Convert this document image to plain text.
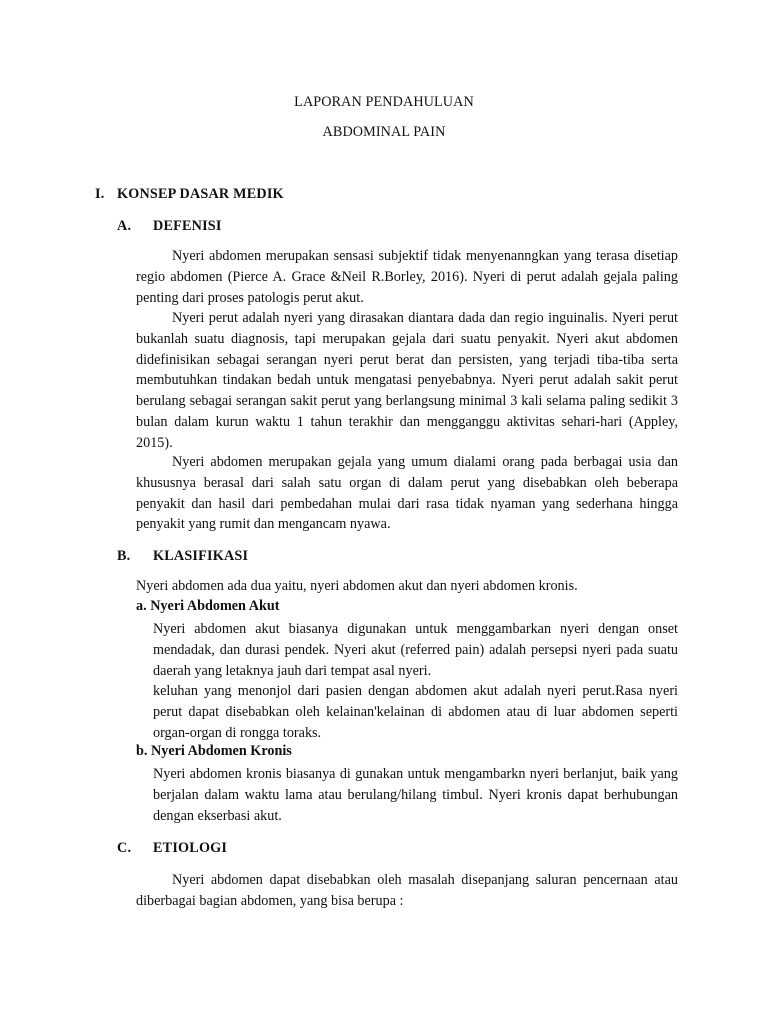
LAPORAN PENDAHULUAN
ABDOMINAL PAIN
I. KONSEP DASAR MEDIK
A. DEFENISI

Nyeri abdomen merupakan sensasi subjektif tidak menyenanngkan yang terasa disetiap regio abdomen (Pierce A. Grace &Neil R.Borley, 2016). Nyeri di perut adalah gejala paling penting dari proses patologis perut akut.

Nyeri perut adalah nyeri yang dirasakan diantara dada dan regio inguinalis. Nyeri perut bukanlah suatu diagnosis, tapi merupakan gejala dari suatu penyakit. Nyeri akut abdomen didefinisikan sebagai serangan nyeri perut berat dan persisten, yang terjadi tiba-tiba serta membutuhkan tindakan bedah untuk mengatasi penyebabnya. Nyeri perut adalah sakit perut berulang sebagai serangan sakit perut yang berlangsung minimal 3 kali selama paling sedikit 3 bulan dalam kurun waktu 1 tahun terakhir dan mengganggu aktivitas sehari-hari (Appley, 2015).

Nyeri abdomen merupakan gejala yang umum dialami orang pada berbagai usia dan khususnya berasal dari salah satu organ di dalam perut yang disebabkan oleh beberapa penyakit dan hasil dari pembedahan mulai dari rasa tidak nyaman yang sederhana hingga penyakit yang rumit dan mengancam nyawa.

B. KLASIFIKASI

Nyeri abdomen ada dua yaitu, nyeri abdomen akut dan nyeri abdomen kronis.

a. Nyeri Abdomen Akut

Nyeri abdomen akut biasanya digunakan untuk menggambarkan nyeri dengan onset mendadak, dan durasi pendek. Nyeri akut (referred pain) adalah persepsi nyeri pada suatu daerah yang letaknya jauh dari tempat asal nyeri.

keluhan yang menonjol dari pasien dengan abdomen akut adalah nyeri perut.Rasa nyeri perut dapat disebabkan oleh kelainan'kelainan di abdomen atau di luar abdomen seperti organ-organ di rongga toraks.

b. Nyeri Abdomen Kronis

Nyeri abdomen kronis biasanya di gunakan untuk mengambarkn nyeri berlanjut, baik yang berjalan dalam waktu lama atau berulang/hilang timbul. Nyeri kronis dapat berhubungan dengan ekserbasi akut.

C. ETIOLOGI

Nyeri abdomen dapat disebabkan oleh masalah disepanjang saluran pencernaan atau diberbagai bagian abdomen, yang bisa berupa :
